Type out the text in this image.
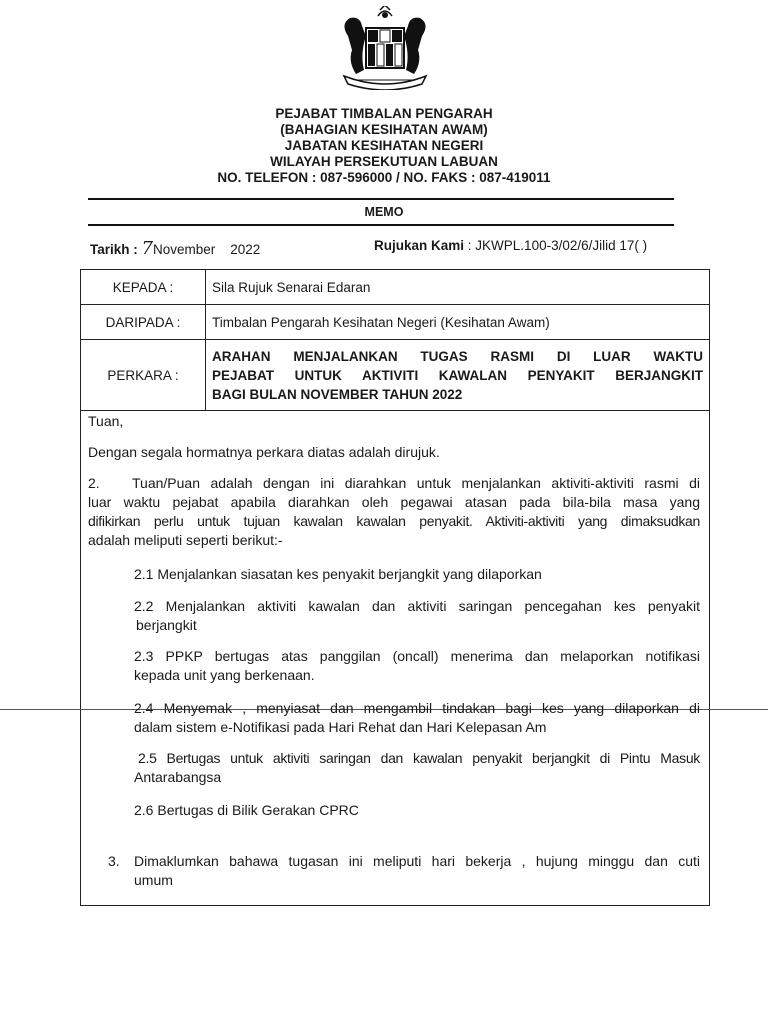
PEJABAT TIMBALAN PENGARAH
(BAHAGIAN KESIHATAN AWAM)
JABATAN KESIHATAN NEGERI
WILAYAH PERSEKUTUAN LABUAN
NO. TELEFON : 087-596000 / NO. FAKS : 087-419011
MEMO
Tarikh : 7November 2022	Rujukan Kami : JKWPL.100-3/02/6/Jilid 17( )
KEPADA :	Sila Rujuk Senarai Edaran
DARIPADA :	Timbalan Pengarah Kesihatan Negeri (Kesihatan Awam)
PERKARA :	ARAHAN MENJALANKAN TUGAS RASMI DI LUAR WAKTU
PEJABAT UNTUK AKTIVITI KAWALAN PENYAKIT BERJANGKIT
BAGI BULAN NOVEMBER TAHUN 2022
Tuan,
Dengan segala hormatnya perkara diatas adalah dirujuk.
2.	Tuan/Puan adalah dengan ini diarahkan untuk menjalankan aktiviti-aktiviti rasmi di
luar waktu pejabat apabila diarahkan oleh pegawai atasan pada bila-bila masa yang
difikirkan perlu untuk tujuan kawalan kawalan penyakit. Aktiviti-aktiviti yang dimaksudkan
adalah meliputi seperti berikut:-
2.1 Menjalankan siasatan kes penyakit berjangkit yang dilaporkan
2.2 Menjalankan aktiviti kawalan dan aktiviti saringan pencegahan kes penyakit
berjangkit
2.3 PPKP bertugas atas panggilan (oncall) menerima dan melaporkan notifikasi
kepada unit yang berkenaan.
2.4 Menyemak , menyiasat dan mengambil tindakan bagi kes yang dilaporkan di
dalam sistem e-Notifikasi pada Hari Rehat dan Hari Kelepasan Am
2.5 Bertugas untuk aktiviti saringan dan kawalan penyakit berjangkit di Pintu Masuk
Antarabangsa
2.6 Bertugas di Bilik Gerakan CPRC
3. Dimaklumkan bahawa tugasan ini meliputi hari bekerja , hujung minggu dan cuti
umum
